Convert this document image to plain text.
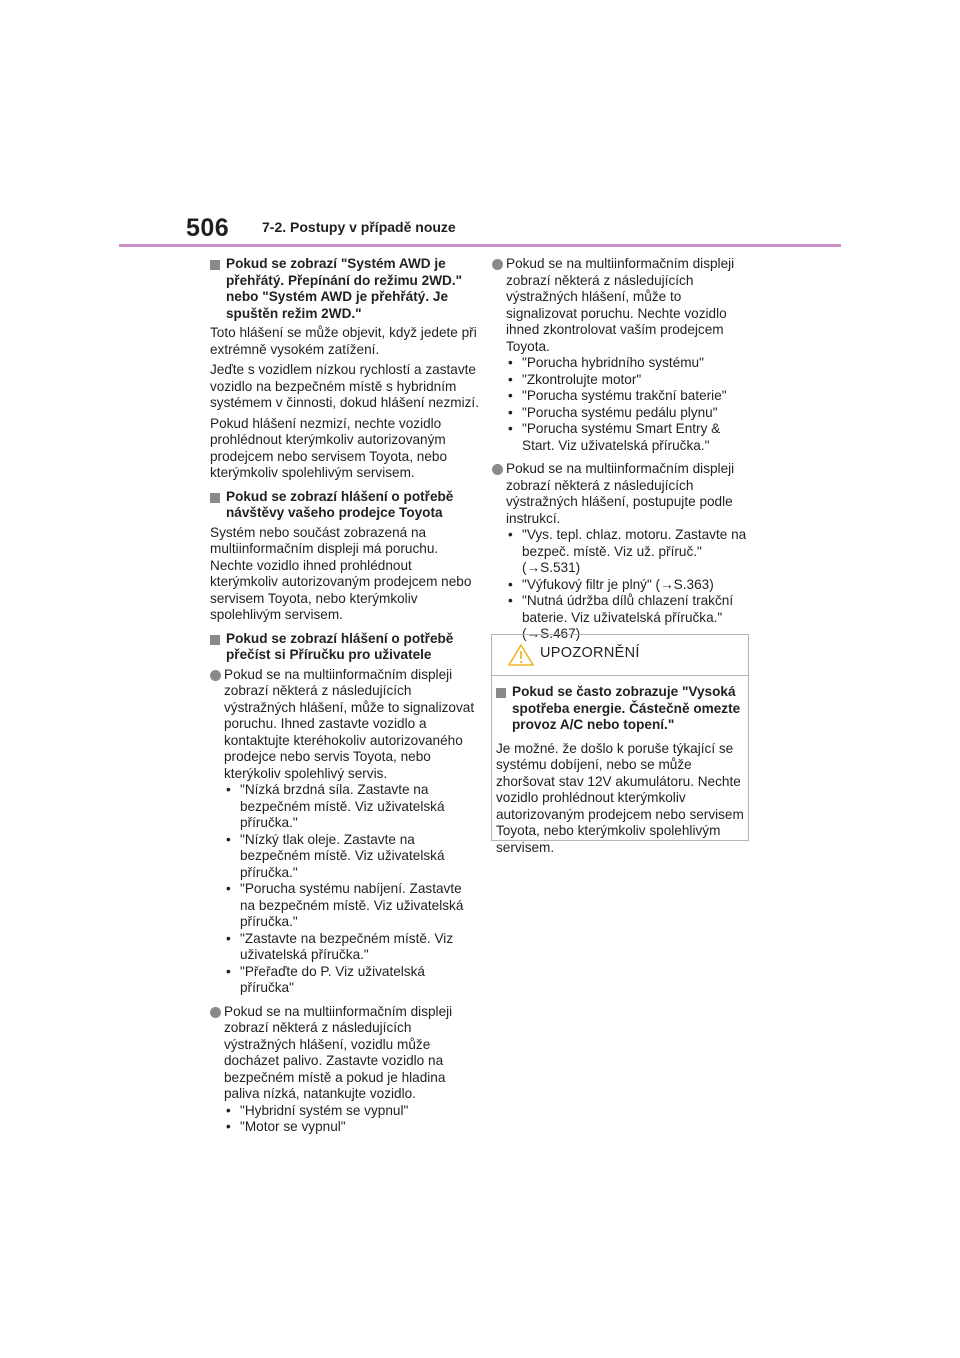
506 7-2. Postupy v případě nouze
Pokud se zobrazí "Systém AWD je přehřátý. Přepínání do režimu 2WD." nebo "Systém AWD je přehřátý. Je spuštěn režim 2WD."
Toto hlášení se může objevit, když jedete při extrémně vysokém zatížení.
Jeďte s vozidlem nízkou rychlostí a zastavte vozidlo na bezpečném místě s hybridním systémem v činnosti, dokud hlášení nezmizí.
Pokud hlášení nezmizí, nechte vozidlo prohlédnout kterýmkoliv autorizovaným prodejcem nebo servisem Toyota, nebo kterýmkoliv spolehlivým servisem.
Pokud se zobrazí hlášení o potřebě návštěvy vašeho prodejce Toyota
Systém nebo součást zobrazená na multiinformačním displeji má poruchu. Nechte vozidlo ihned prohlédnout kterýmkoliv autorizovaným prodejcem nebo servisem Toyota, nebo kterýmkoliv spolehlivým servisem.
Pokud se zobrazí hlášení o potřebě přečíst si Příručku pro uživatele
Pokud se na multiinformačním displeji zobrazí některá z následujících výstražných hlášení, může to signalizovat poruchu. Ihned zastavte vozidlo a kontaktujte kteréhokoliv autorizovaného prodejce nebo servis Toyota, nebo kterýkoliv spolehlivý servis.
• "Nízká brzdná síla. Zastavte na bezpečném místě. Viz uživatelská příručka."
• "Nízký tlak oleje. Zastavte na bezpečném místě. Viz uživatelská příručka."
• "Porucha systému nabíjení. Zastavte na bezpečném místě. Viz uživatelská příručka."
• "Zastavte na bezpečném místě. Viz uživatelská příručka."
• "Přeřaďte do P. Viz uživatelská příručka"
Pokud se na multiinformačním displeji zobrazí některá z následujících výstražných hlášení, vozidlu může docházet palivo. Zastavte vozidlo na bezpečném místě a pokud je hladina paliva nízká, natankujte vozidlo.
• "Hybridní systém se vypnul"
• "Motor se vypnul"
Pokud se na multiinformačním displeji zobrazí některá z následujících výstražných hlášení, může to signalizovat poruchu. Nechte vozidlo ihned zkontrolovat vaším prodejcem Toyota.
• "Porucha hybridního systému"
• "Zkontrolujte motor"
• "Porucha systému trakční baterie"
• "Porucha systému pedálu plynu"
• "Porucha systému Smart Entry & Start. Viz uživatelská příručka."
Pokud se na multiinformačním displeji zobrazí některá z následujících výstražných hlášení, postupujte podle instrukcí.
• "Vys. tepl. chlaz. motoru. Zastavte na bezpeč. místě. Viz už. příruč." (→S.531)
• "Výfukový filtr je plný" (→S.363)
• "Nutná údržba dílů chlazení trakční baterie. Viz uživatelská příručka." (→S.467)
UPOZORNĚNÍ
Pokud se často zobrazuje "Vysoká spotřeba energie. Částečně omezte provoz A/C nebo topení."
Je možné. že došlo k poruše týkající se systému dobíjení, nebo se může zhoršovat stav 12V akumulátoru. Nechte vozidlo prohlédnout kterýmkoliv autorizovaným prodejcem nebo servisem Toyota, nebo kterýmkoliv spolehlivým servisem.
